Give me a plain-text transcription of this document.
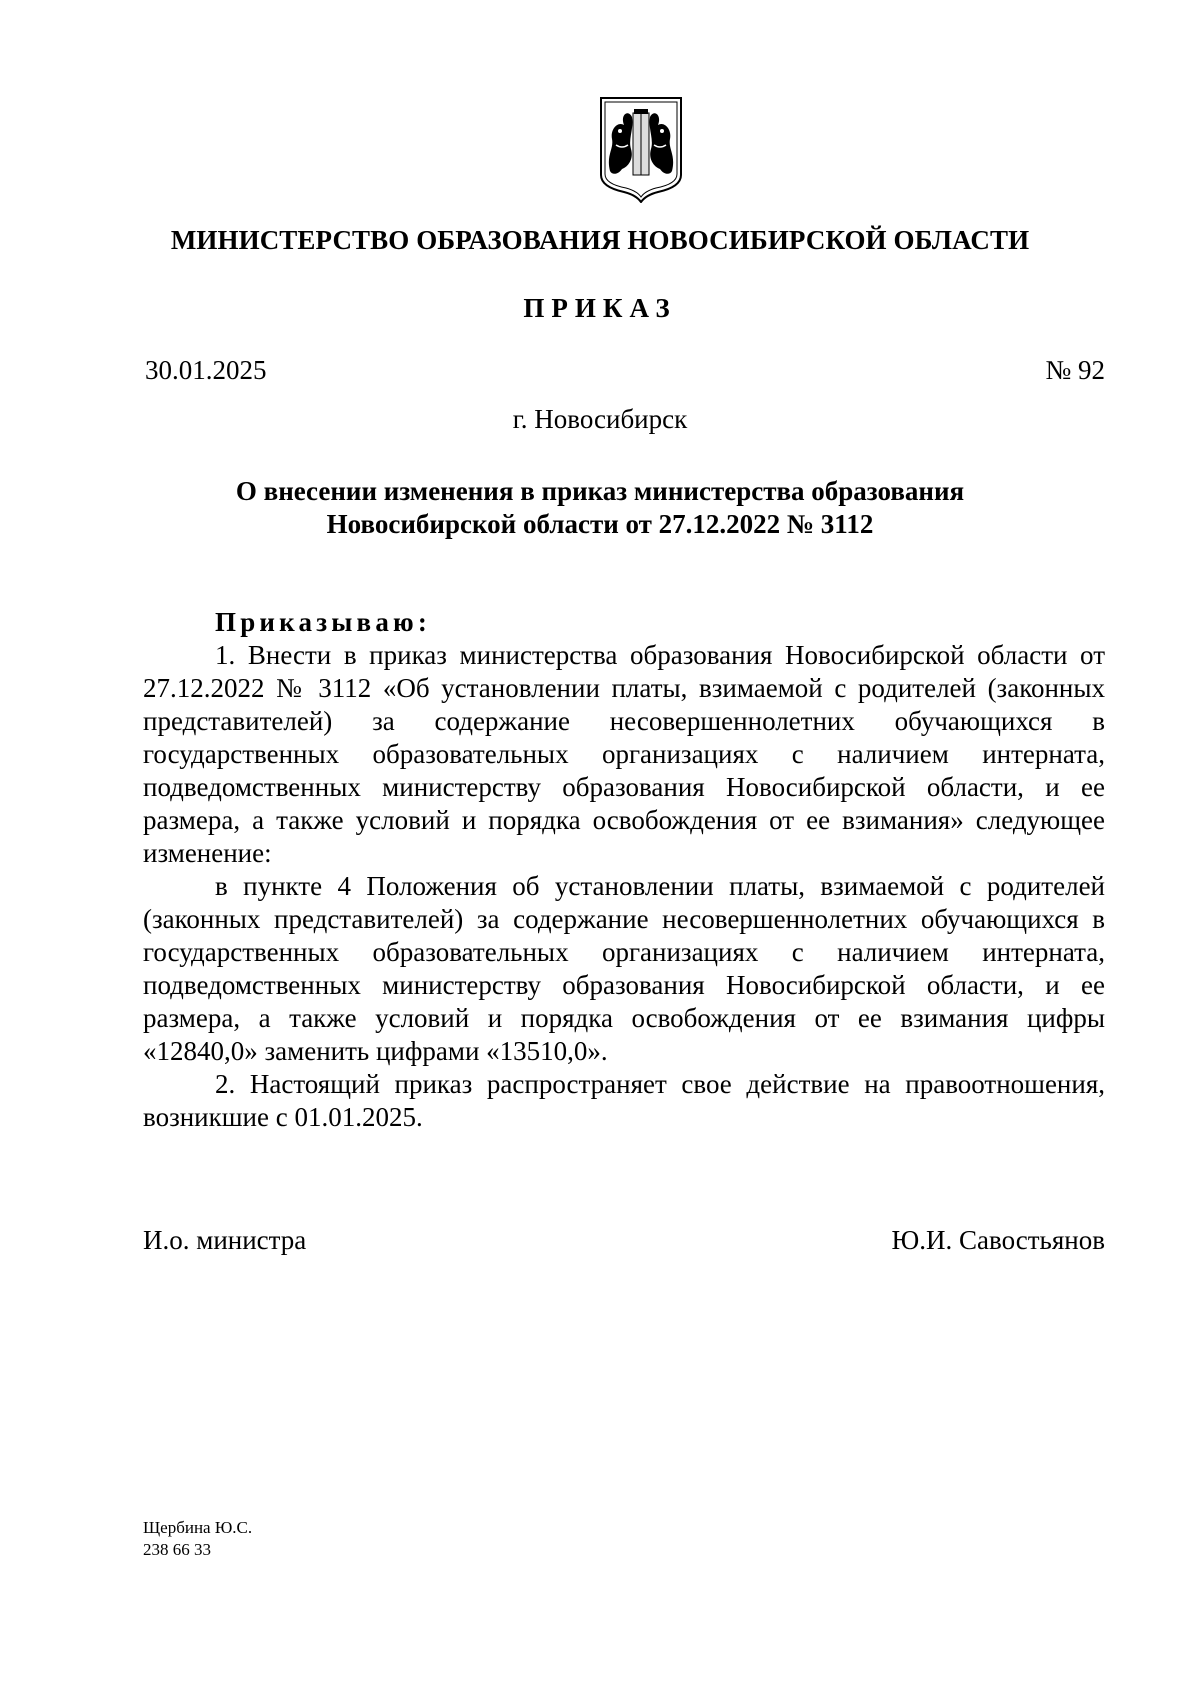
МИНИСТЕРСТВО ОБРАЗОВАНИЯ НОВОСИБИРСКОЙ ОБЛАСТИ
ПРИКАЗ
30.01.2025	№ 92
г. Новосибирск
О внесении изменения в приказ министерства образования
Новосибирской области от 27.12.2022 № 3112

Приказываю:

1. Внести в приказ министерства образования Новосибирской области от 27.12.2022 № 3112 «Об установлении платы, взимаемой с родителей (законных представителей) за содержание несовершеннолетних обучающихся в государственных образовательных организациях с наличием интерната, подведомственных министерству образования Новосибирской области, и ее размера, а также условий и порядка освобождения от ее взимания» следующее изменение:

в пункте 4 Положения об установлении платы, взимаемой с родителей (законных представителей) за содержание несовершеннолетних обучающихся в государственных образовательных организациях с наличием интерната, подведомственных министерству образования Новосибирской области, и ее размера, а также условий и порядка освобождения от ее взимания цифры «12840,0» заменить цифрами «13510,0».

2. Настоящий приказ распространяет свое действие на правоотношения, возникшие с 01.01.2025.

И.о. министра	Ю.И. Савостьянов
Щербина Ю.С.
238 66 33
